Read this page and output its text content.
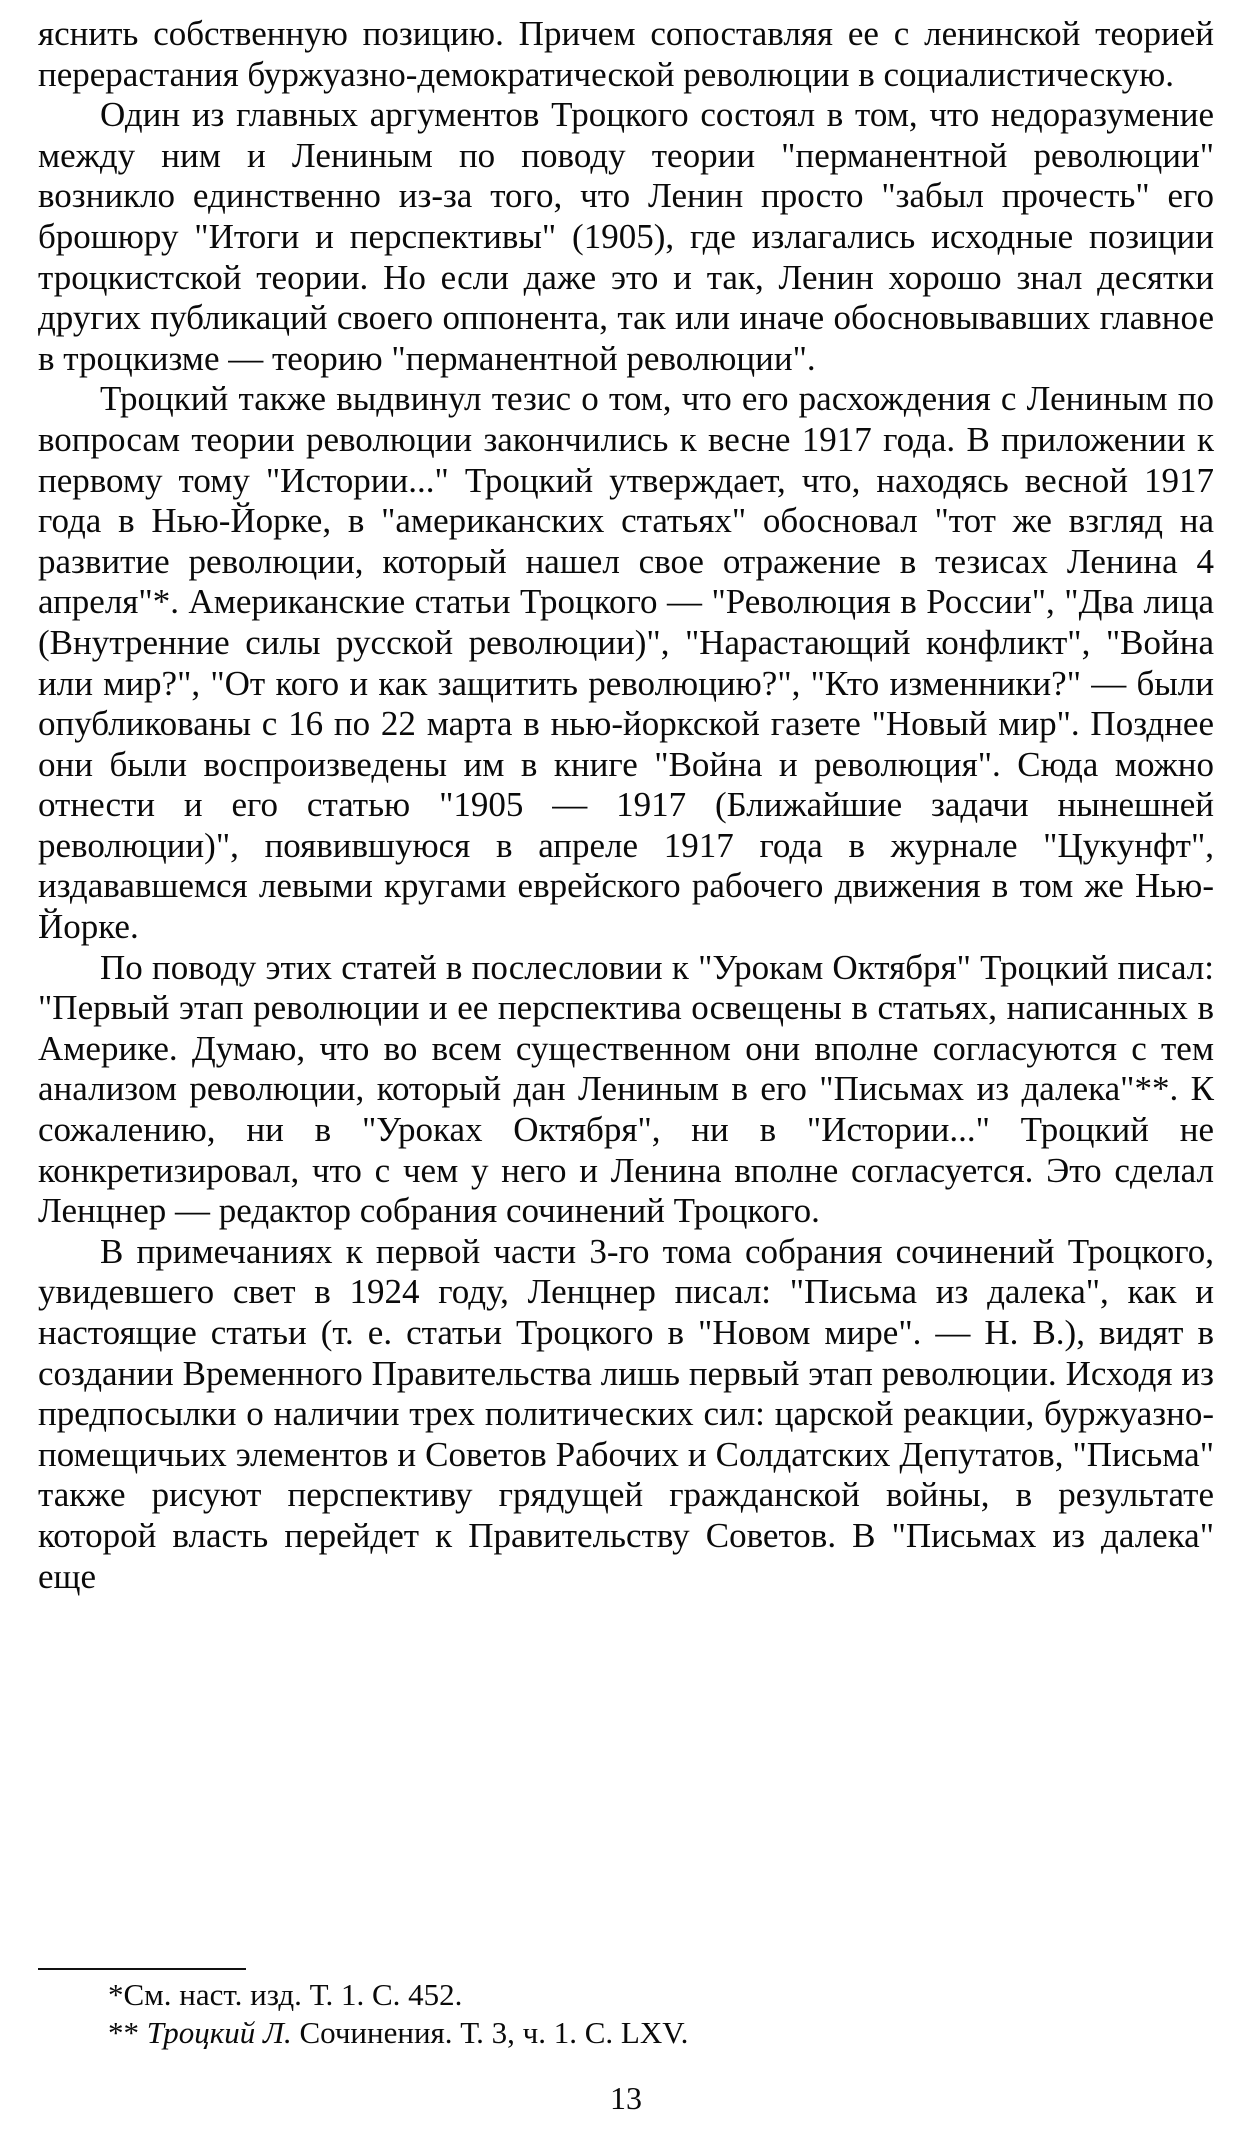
яснить собственную позицию. Причем сопоставляя ее с ленинской теорией перерастания буржуазно-демократической революции в социалистическую.

Один из главных аргументов Троцкого состоял в том, что недоразумение между ним и Лениным по поводу теории "перманентной революции" возникло единственно из-за того, что Ленин просто "забыл прочесть" его брошюру "Итоги и перспективы" (1905), где излагались исходные позиции троцкистской теории. Но если даже это и так, Ленин хорошо знал десятки других публикаций своего оппонента, так или иначе обосновывавших главное в троцкизме — теорию "перманентной революции".

Троцкий также выдвинул тезис о том, что его расхождения с Лениным по вопросам теории революции закончились к весне 1917 года. В приложении к первому тому "Истории..." Троцкий утверждает, что, находясь весной 1917 года в Нью-Йорке, в "американских статьях" обосновал "тот же взгляд на развитие революции, который нашел свое отражение в тезисах Ленина 4 апреля"*. Американские статьи Троцкого — "Революция в России", "Два лица (Внутренние силы русской революции)", "Нарастающий конфликт", "Война или мир?", "От кого и как защитить революцию?", "Кто изменники?" — были опубликованы с 16 по 22 марта в нью-йоркской газете "Новый мир". Позднее они были воспроизведены им в книге "Война и революция". Сюда можно отнести и его статью "1905 — 1917 (Ближайшие задачи нынешней революции)", появившуюся в апреле 1917 года в журнале "Цукунфт", издававшемся левыми кругами еврейского рабочего движения в том же Нью-Йорке.

По поводу этих статей в послесловии к "Урокам Октября" Троцкий писал: "Первый этап революции и ее перспектива освещены в статьях, написанных в Америке. Думаю, что во всем существенном они вполне согласуются с тем анализом революции, который дан Лениным в его "Письмах из далека"**. К сожалению, ни в "Уроках Октября", ни в "Истории..." Троцкий не конкретизировал, что с чем у него и Ленина вполне согласуется. Это сделал Ленцнер — редактор собрания сочинений Троцкого.

В примечаниях к первой части 3-го тома собрания сочинений Троцкого, увидевшего свет в 1924 году, Ленцнер писал: "Письма из далека", как и настоящие статьи (т. е. статьи Троцкого в "Новом мире". — Н. В.), видят в создании Временного Правительства лишь первый этап революции. Исходя из предпосылки о наличии трех политических сил: царской реакции, буржуазно-помещичьих элементов и Советов Рабочих и Солдатских Депутатов, "Письма" также рисуют перспективу грядущей гражданской войны, в результате которой власть перейдет к Правительству Советов. В "Письмах из далека" еще

*См. наст. изд. Т. 1. С. 452.

** Троцкий Л. Сочинения. Т. 3, ч. 1. С. LXV.

13
